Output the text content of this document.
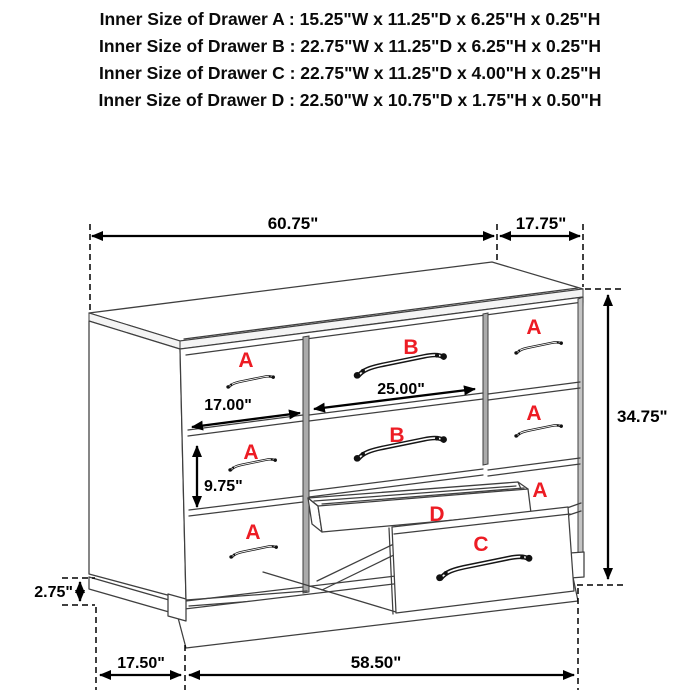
Inner Size of Drawer A : 15.25"W x 11.25"D x 6.25"H x 0.25"H
Inner Size of Drawer B : 22.75"W x 11.25"D x 6.25"H x 0.25"H
Inner Size of Drawer C : 22.75"W x 11.25"D x 4.00"H x 0.25"H
Inner Size of Drawer D : 22.50"W x 10.75"D x 1.75"H x 0.50"H
A
A
A
B
B
A
A
A
D
C
60.75"	17.75"
34.75"
17.00"
25.00"
9.75"
2.75"
17.50"	58.50"
